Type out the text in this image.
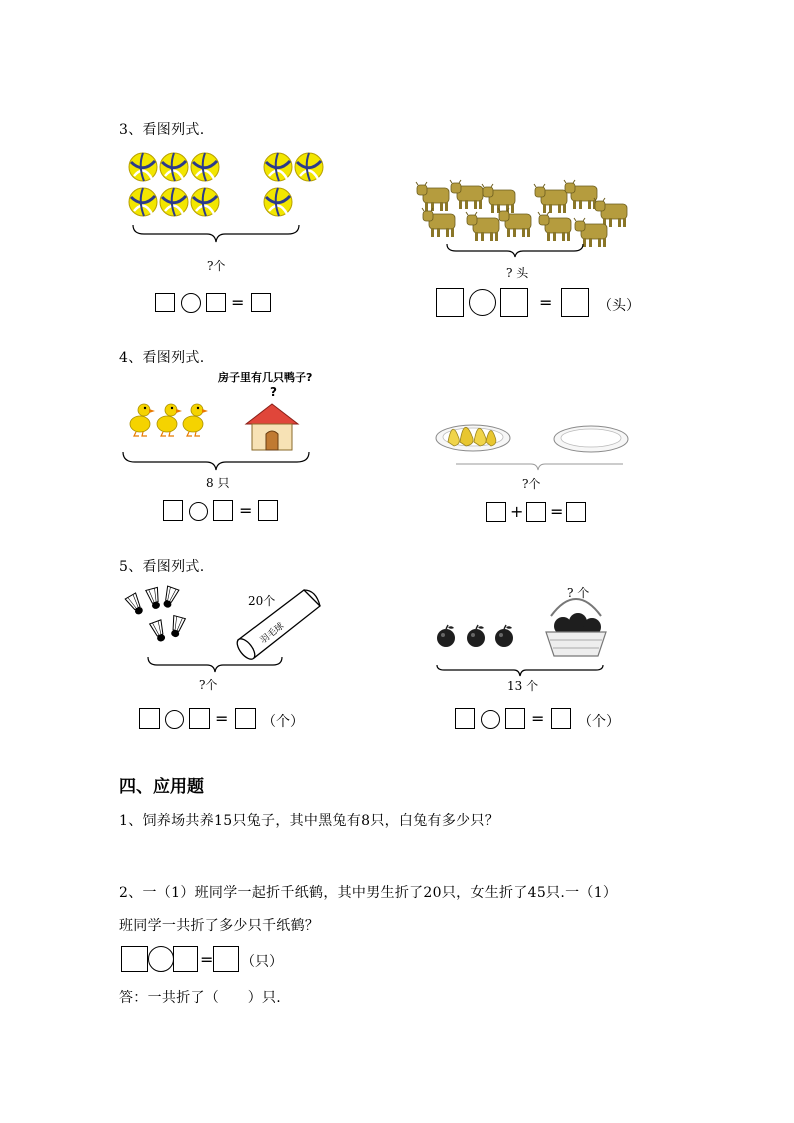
3、看图列式.
?个
=
? 头
=	（头）
4、看图列式.
房子里有几只鸭子?
?
8 只
=
?个
+ =
5、看图列式.
20个
羽毛球
?个
= （个）
? 个
13 个
= （个）
四、应用题
1、饲养场共养15只兔子，其中黑兔有8只，白兔有多少只？
2、一（1）班同学一起折千纸鹤，其中男生折了20只，女生折了45只.一（1）
班同学一共折了多少只千纸鹤？
= （只）
答：一共折了（　　）只.
